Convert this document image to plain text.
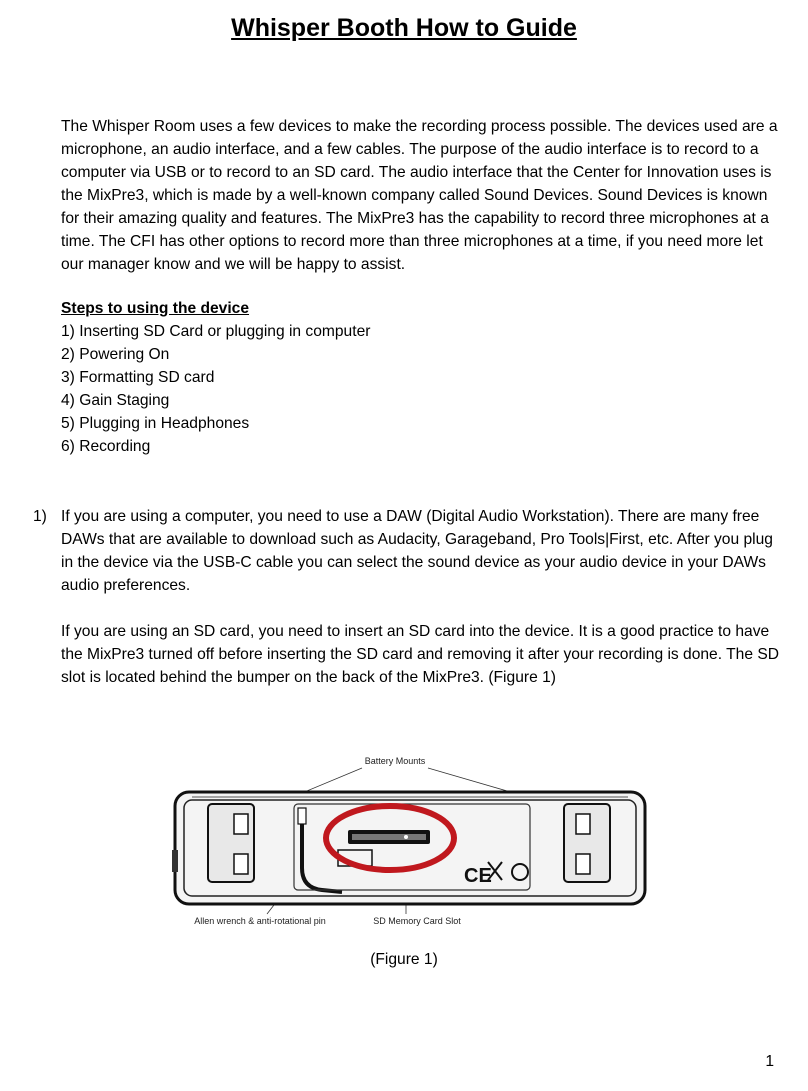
Whisper Booth How to Guide

The Whisper Room uses a few devices to make the recording process possible. The devices used are a microphone, an audio interface, and a few cables. The purpose of the audio interface is to record to a computer via USB or to record to an SD card. The audio interface that the Center for Innovation uses is the MixPre3, which is made by a well-known company called Sound Devices. Sound Devices is known for their amazing quality and features. The MixPre3 has the capability to record three microphones at a time. The CFI has other options to record more than three microphones at a time, if you need more let our manager know and we will be happy to assist.

Steps to using the device

1) Inserting SD Card or plugging in computer
2) Powering On
3) Formatting SD card
4) Gain Staging
5) Plugging in Headphones
6) Recording
1) If you are using a computer, you need to use a DAW (Digital Audio Workstation). There are many free DAWs that are available to download such as Audacity, Garageband, Pro Tools|First, etc. After you plug in the device via the USB-C cable you can select the sound device as your audio device in your DAWs audio preferences.

If you are using an SD card, you need to insert an SD card into the device. It is a good practice to have the MixPre3 turned off before inserting the SD card and removing it after your recording is done. The SD slot is located behind the bumper on the back of the MixPre3. (Figure 1)

Battery Mounts
Allen wrench & anti-rotational pin	SD Memory Card Slot
CE

(Figure 1)

1
